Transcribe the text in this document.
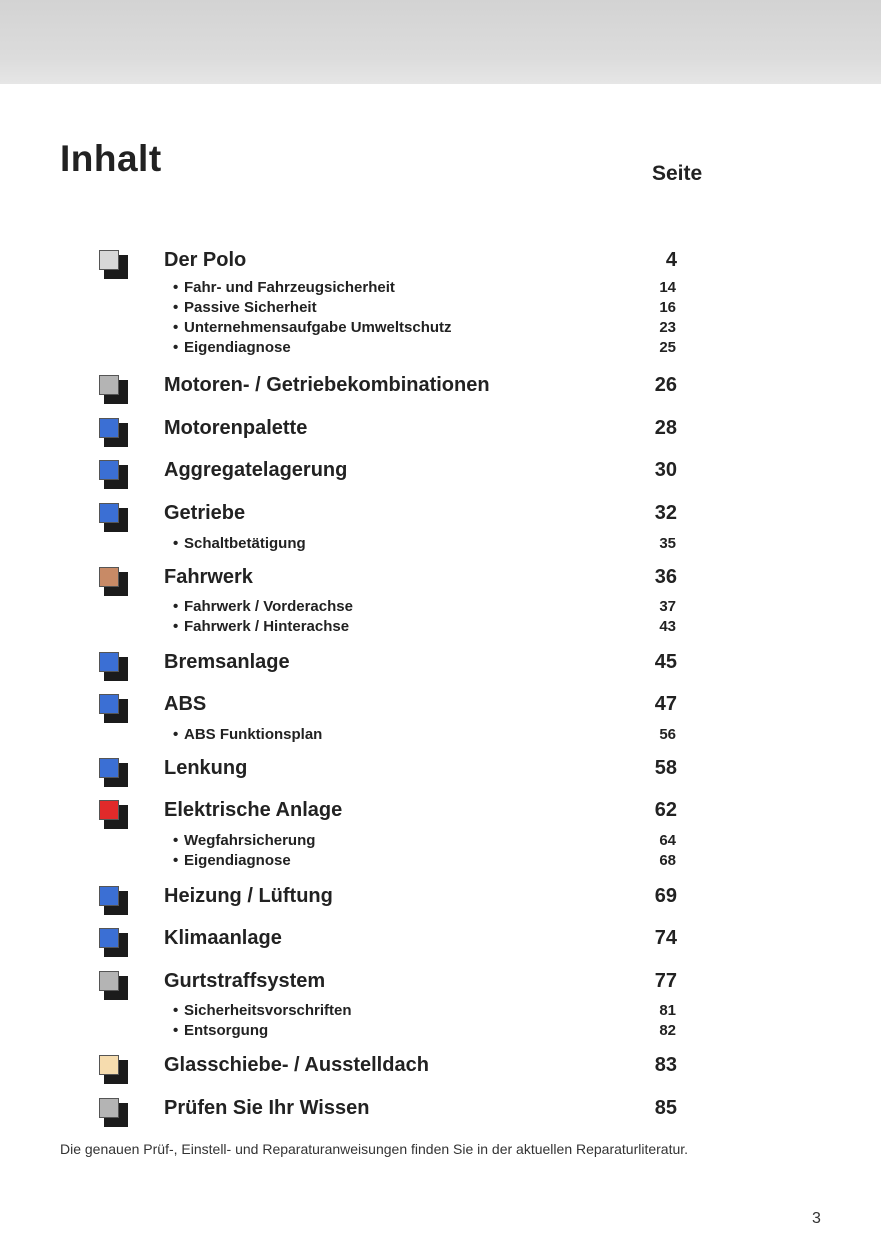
Inhalt	Seite
Der Polo	4
• Fahr- und Fahrzeugsicherheit	14
• Passive Sicherheit	16
• Unternehmensaufgabe Umweltschutz	23
• Eigendiagnose	25
Motoren- / Getriebekombinationen	26
Motorenpalette	28
Aggregatelagerung	30
Getriebe	32
• Schaltbetätigung	35
Fahrwerk	36
• Fahrwerk / Vorderachse	37
• Fahrwerk / Hinterachse	43
Bremsanlage	45
ABS	47
• ABS Funktionsplan	56
Lenkung	58
Elektrische Anlage	62
• Wegfahrsicherung	64
• Eigendiagnose	68
Heizung / Lüftung	69
Klimaanlage	74
Gurtstraffsystem	77
• Sicherheitsvorschriften	81
• Entsorgung	82
Glasschiebe- / Ausstelldach	83
Prüfen Sie Ihr Wissen	85
Die genauen Prüf-, Einstell- und Reparaturanweisungen finden Sie in der aktuellen Reparaturliteratur.
3
